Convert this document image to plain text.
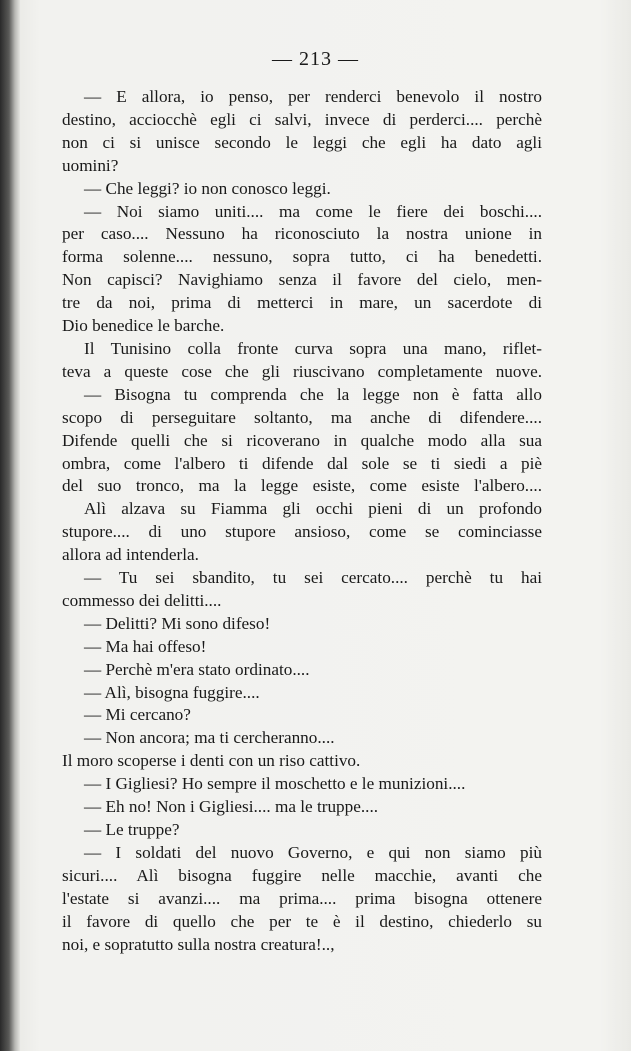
— 213 —
— E allora, io penso, per renderci benevolo il nostro
destino, acciocchè egli ci salvi, invece di perderci.... perchè
non ci si unisce secondo le leggi che egli ha dato agli
uomini?
— Che leggi? io non conosco leggi.
— Noi siamo uniti.... ma come le fiere dei boschi....
per caso.... Nessuno ha riconosciuto la nostra unione in
forma solenne.... nessuno, sopra tutto, ci ha benedetti.
Non capisci? Navighiamo senza il favore del cielo, men-
tre da noi, prima di metterci in mare, un sacerdote di
Dio benedice le barche.
Il Tunisino colla fronte curva sopra una mano, riflet-
teva a queste cose che gli riuscivano completamente nuove.
— Bisogna tu comprenda che la legge non è fatta allo
scopo di perseguitare soltanto, ma anche di difendere....
Difende quelli che si ricoverano in qualche modo alla sua
ombra, come l'albero ti difende dal sole se ti siedi a piè
del suo tronco, ma la legge esiste, come esiste l'albero....
Alì alzava su Fiamma gli occhi pieni di un profondo
stupore.... di uno stupore ansioso, come se cominciasse
allora ad intenderla.
— Tu sei sbandito, tu sei cercato.... perchè tu hai
commesso dei delitti....
— Delitti? Mi sono difeso!
— Ma hai offeso!
— Perchè m'era stato ordinato....
— Alì, bisogna fuggire....
— Mi cercano?
— Non ancora; ma ti cercheranno....
Il moro scoperse i denti con un riso cattivo.
— I Gigliesi? Ho sempre il moschetto e le munizioni....
— Eh no! Non i Gigliesi.... ma le truppe....
— Le truppe?
— I soldati del nuovo Governo, e qui non siamo più
sicuri.... Alì bisogna fuggire nelle macchie, avanti che
l'estate si avanzi.... ma prima.... prima bisogna ottenere
il favore di quello che per te è il destino, chiederlo su
noi, e sopratutto sulla nostra creatura!..,
